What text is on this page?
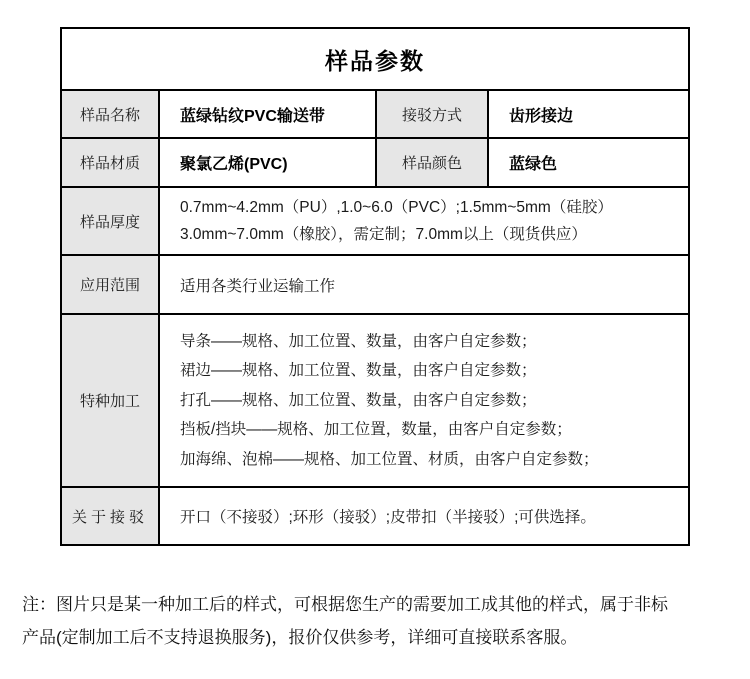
样品参数			
样品名称	蓝绿钻纹PVC输送带	接驳方式	齿形接边
样品材质	聚氯乙烯(PVC)	样品颜色	蓝绿色
样品厚度	0.7mm~4.2mm（PU）,1.0~6.0（PVC）;1.5mm~5mm（硅胶）
3.0mm~7.0mm（橡胶），需定制；7.0mm以上（现货供应）		

应用范围	适用各类行业运输工作		
特种加工	导条——规格、加工位置、数量，由客户自定参数；
裙边——规格、加工位置、数量，由客户自定参数；
打孔——规格、加工位置、数量，由客户自定参数；
挡板/挡块——规格、加工位置，数量，由客户自定参数；
加海绵、泡棉——规格、加工位置、材质，由客户自定参数；		

关于接驳	开口（不接驳）;环形（接驳）;皮带扣（半接驳）;可供选择。		

注：图片只是某一种加工后的样式，可根据您生产的需要加工成其他的样式，属于非标
产品(定制加工后不支持退换服务)，报价仅供参考，详细可直接联系客服。
